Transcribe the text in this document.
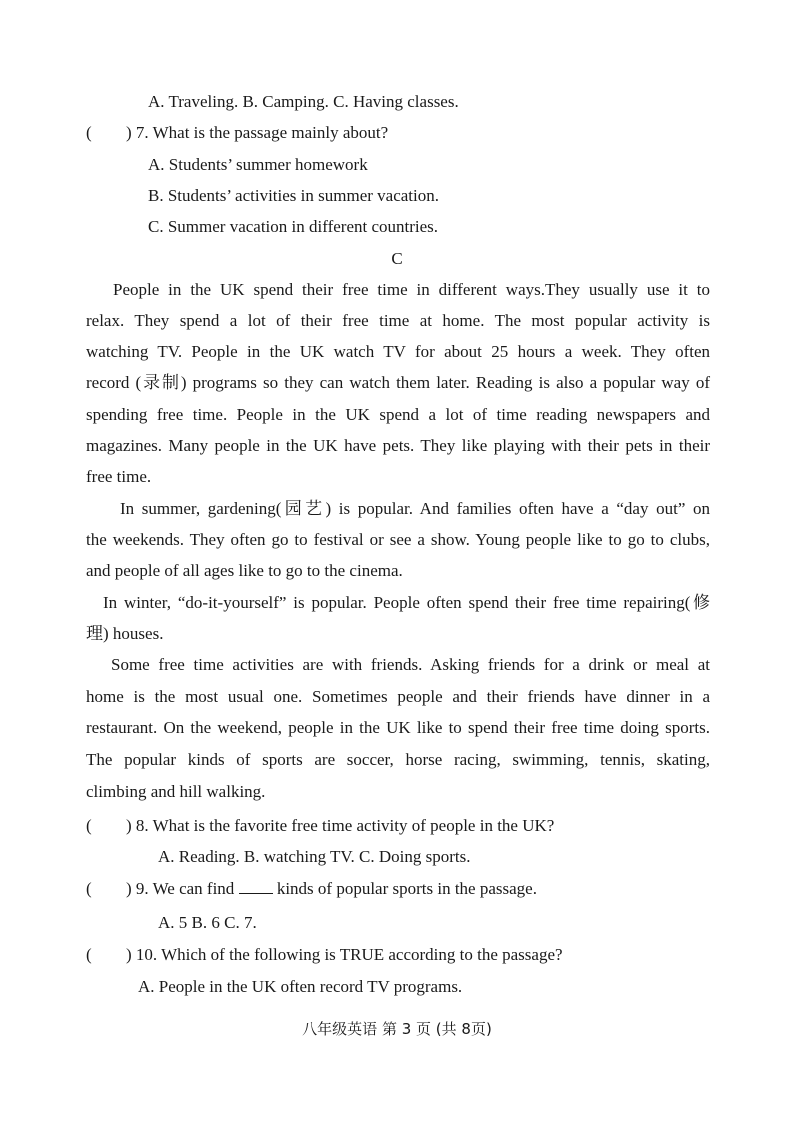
A. Traveling. B. Camping. C. Having classes.
( ) 7. What is the passage mainly about?
A. Students’ summer homework
B. Students’ activities in summer vacation.
C. Summer vacation in different countries.
C
People in the UK spend their free time in different ways.They usually use it to
relax. They spend a lot of their free time at home. The most popular activity is
watching TV. People in the UK watch TV for about 25 hours a week. They often
record (录制) programs so they can watch them later. Reading is also a popular way of
spending free time. People in the UK spend a lot of time reading newspapers and
magazines. Many people in the UK have pets. They like playing with their pets in their
free time.
In summer, gardening(园艺) is popular. And families often have a “day out” on
the weekends. They often go to festival or see a show. Young people like to go to clubs,
and people of all ages like to go to the cinema.
In winter, “do-it-yourself” is popular. People often spend their free time repairing(修
理) houses.
Some free time activities are with friends. Asking friends for a drink or meal at
home is the most usual one. Sometimes people and their friends have dinner in a
restaurant. On the weekend, people in the UK like to spend their free time doing sports.
The popular kinds of sports are soccer, horse racing, swimming, tennis, skating,
climbing and hill walking.
( ) 8. What is the favorite free time activity of people in the UK?
A. Reading. B. watching TV. C. Doing sports.
( ) 9. We can find	kinds of popular sports in the passage.
A. 5 B. 6 C. 7.
( ) 10. Which of the following is TRUE according to the passage?
A. People in the UK often record TV programs.
八年级英语 第 3 页 (共 8页)
